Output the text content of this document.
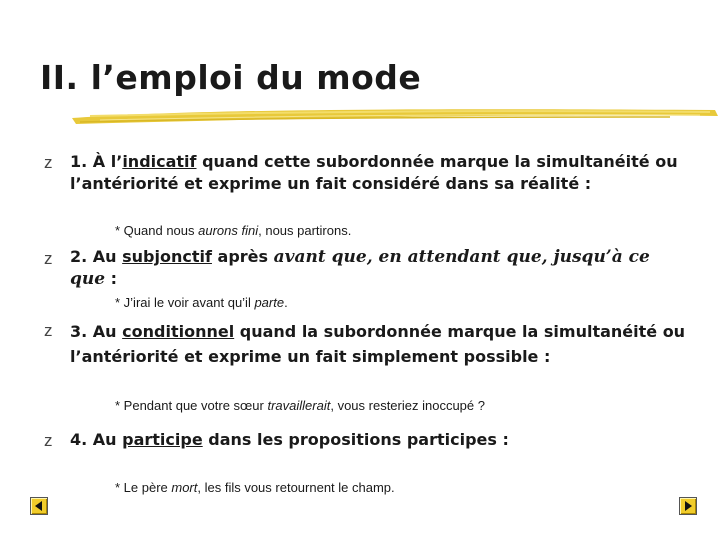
II. l’emploi du mode
z 1. À l’indicatif quand cette subordonnée marque la simultanéité ou l’antériorité et exprime un fait considéré dans sa réalité :

* Quand nous aurons fini, nous partirons.

z 2. Au subjonctif après avant que, en attendant que, jusqu’à ce que :

* J’irai le voir avant qu’il parte.

z 3. Au conditionnel quand la subordonnée marque la simultanéité ou l’antériorité et exprime un fait simplement possible :

* Pendant que votre sœur travaillerait, vous resteriez inoccupé ?

z 4. Au participe dans les propositions participes :

* Le père mort, les fils vous retournent le champ.
